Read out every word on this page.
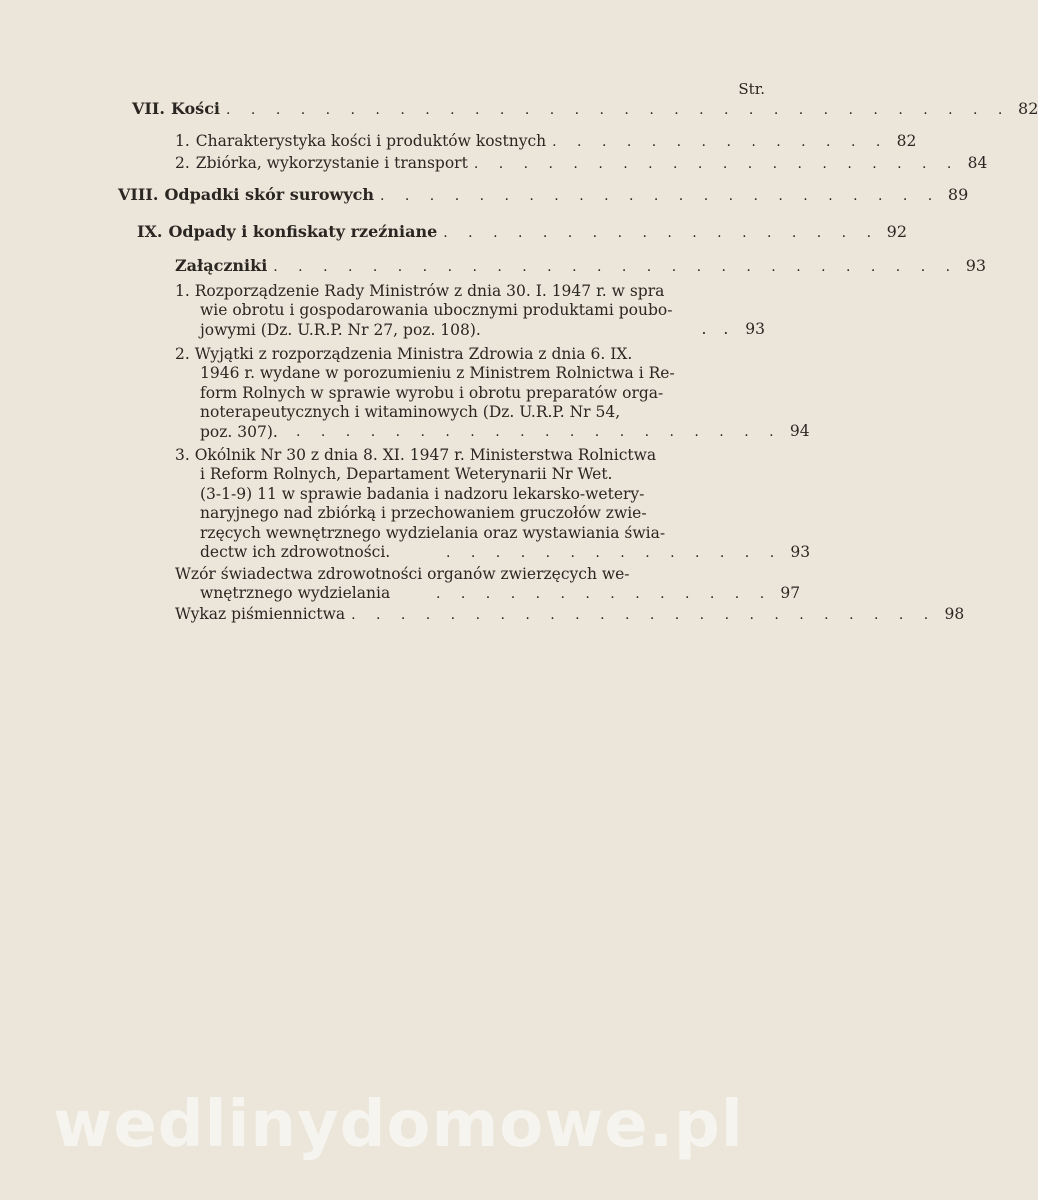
Str.
VII. Kości . . . . . . . . . . . . . . . . . . . . . . . . . . . . . . . . 82
1. Charakterystyka kości i produktów kostnych . . . . . . . . . . . . . . 82
2. Zbiórka, wykorzystanie i transport . . . . . . . . . . . . . . . . . . . . 84
VIII. Odpadki skór surowych . . . . . . . . . . . . . . . . . . . . . . . 89
IX. Odpady i konfiskaty rzeźniane . . . . . . . . . . . . . . . . . . 92
Załączniki . . . . . . . . . . . . . . . . . . . . . . . . . . . . 93
1. Rozporządzenie Rady Ministrów z dnia 30. I. 1947 r. w spra
wie obrotu i gospodarowania ubocznymi produktami poubo-
jowymi (Dz. U.R.P. Nr 27, poz. 108).	. . 93
2. Wyjątki z rozporządzenia Ministra Zdrowia z dnia 6. IX.
1946 r. wydane w porozumieniu z Ministrem Rolnictwa i Re-
form Rolnych w sprawie wyrobu i obrotu preparatów orga-
noterapeutycznych i witaminowych (Dz. U.R.P. Nr 54,
poz. 307).	. . . . . . . . . . . . . . . . . . . . 94
3. Okólnik Nr 30 z dnia 8. XI. 1947 r. Ministerstwa Rolnictwa
i Reform Rolnych, Departament Weterynarii Nr Wet.
(3-1-9) 11 w sprawie badania i nadzoru lekarsko-wetery-
naryjnego nad zbiórką i przechowaniem gruczołów zwie-
rzęcych wewnętrznego wydzielania oraz wystawiania świa-
dectw ich zdrowotności.	. . . . . . . . . . . . . . 93
Wzór świadectwa zdrowotności organów zwierzęcych we-
wnętrznego wydzielania	. . . . . . . . . . . . . . 97
Wykaz piśmiennictwa . . . . . . . . . . . . . . . . . . . . . . . . 98
wedlinydomowe.pl
